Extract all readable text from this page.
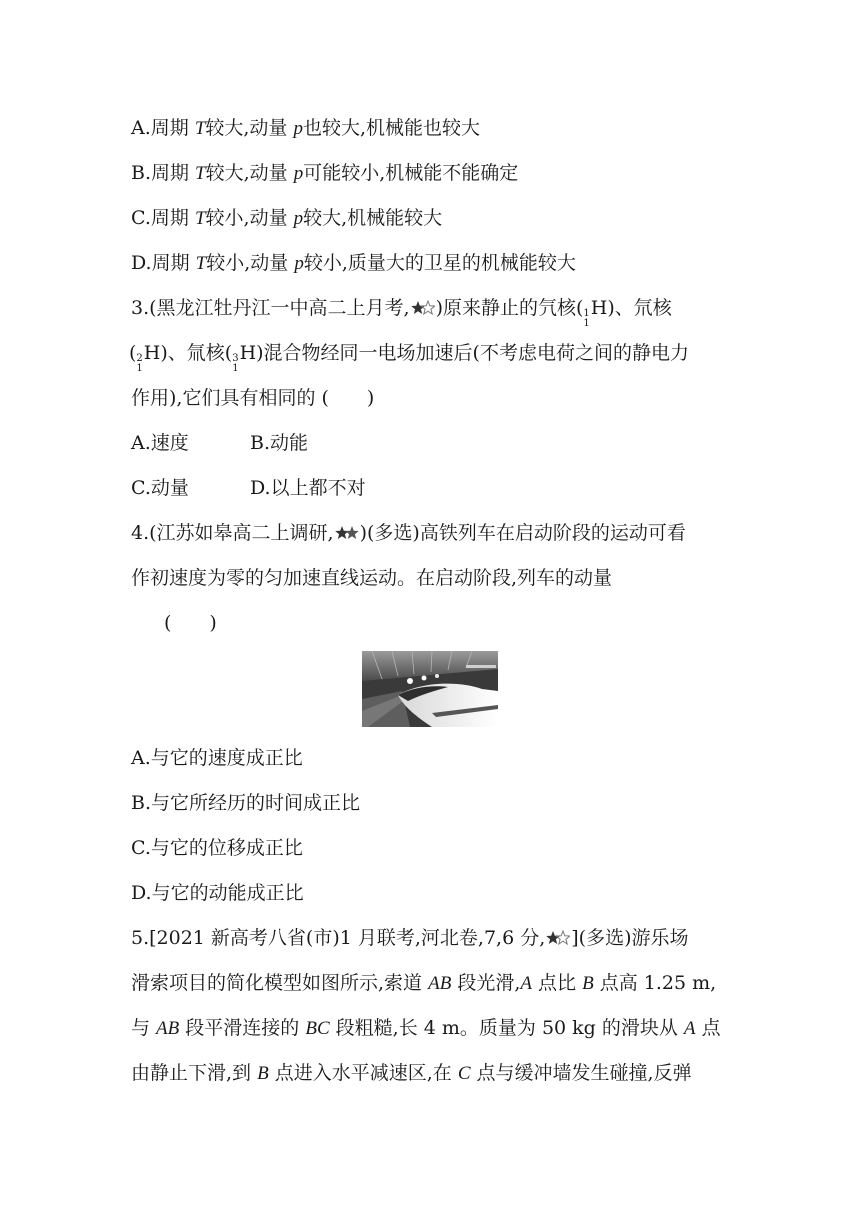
A.周期 T较大,动量 p也较大,机械能也较大
B.周期 T较大,动量 p可能较小,机械能不能确定
C.周期 T较小,动量 p较大,机械能较大
D.周期 T较小,动量 p较小,质量大的卫星的机械能较大
3.(黑龙江牡丹江一中高二上月考, )原来静止的氕核( 1
1
H)、氘核
( 2
1
H)、氚核( 3
1
H)混合物经同一电场加速后(不考虑电荷之间的静电力
作用),它们具有相同的 (　　)
A.速度	B.动能
C.动量	D.以上都不对
4.(江苏如皋高二上调研, )(多选)高铁列车在启动阶段的运动可看
作初速度为零的匀加速直线运动。在启动阶段,列车的动量
(　　)
A.与它的速度成正比
B.与它所经历的时间成正比
C.与它的位移成正比
D.与它的动能成正比
5.[2021 新高考八省(市)1 月联考,河北卷,7,6 分, ](多选)游乐场
滑索项目的简化模型如图所示,索道 AB 段光滑,A 点比 B 点高 1.25 m,
与 AB 段平滑连接的 BC 段粗糙,长 4 m。质量为 50 kg 的滑块从 A 点
由静止下滑,到 B 点进入水平减速区,在 C 点与缓冲墙发生碰撞,反弹
